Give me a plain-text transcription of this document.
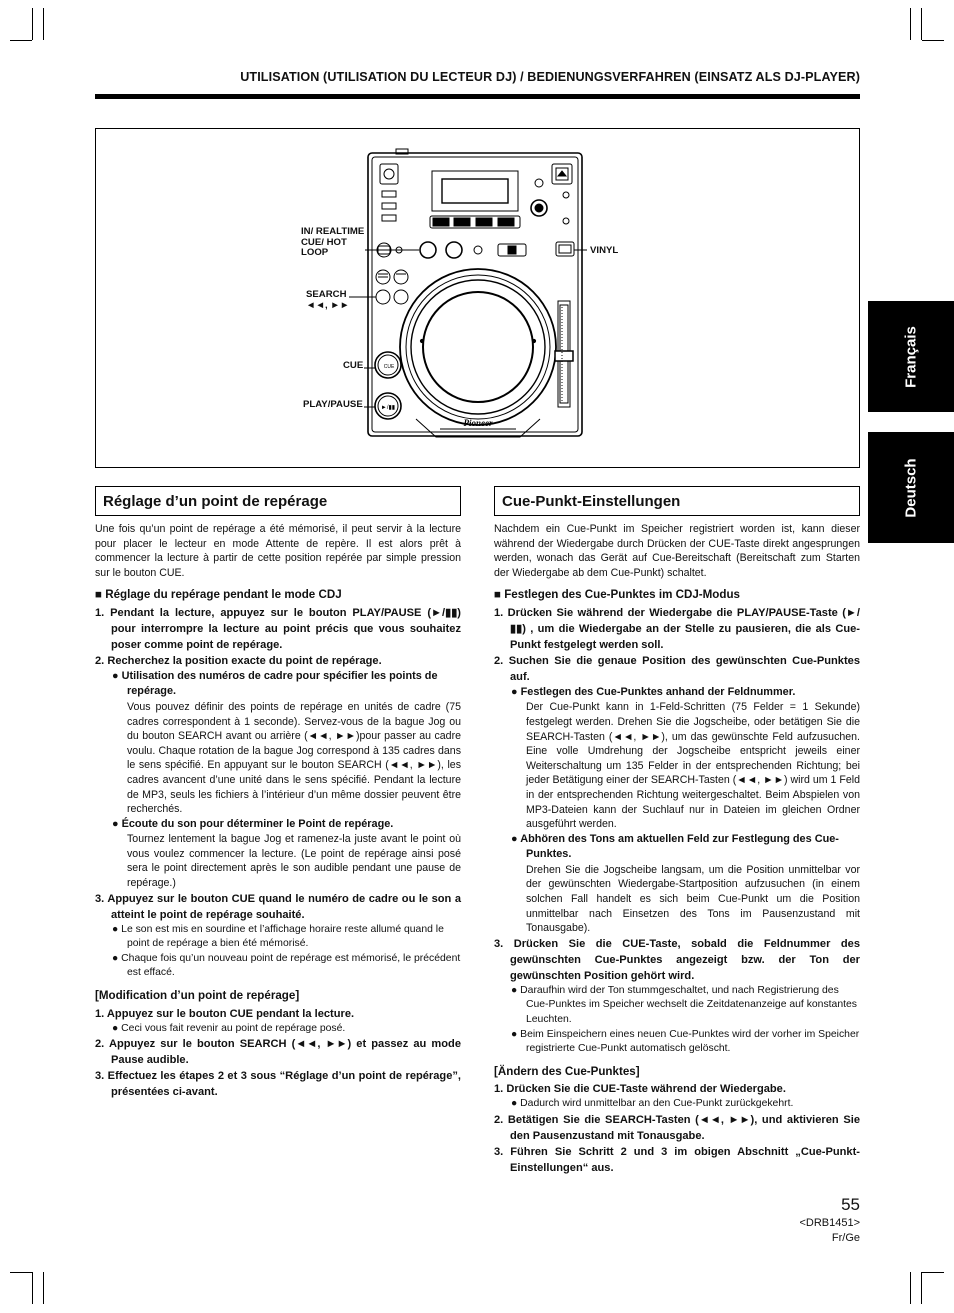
UTILISATION (UTILISATION DU LECTEUR DJ) / BEDIENUNGSVERFAHREN (EINSATZ ALS DJ-PLAYER)
Français
Deutsch
CUE
►/▮▮
Pioneer
IN/ REALTIME CUE/ HOT LOOP
SEARCH ◄◄, ►►
CUE
PLAY/PAUSE
VINYL
Réglage d’un point de repérage

Une fois qu’un point de repérage a été mémorisé, il peut servir à la lecture pour placer le lecteur en mode Attente de repère. Il est alors prêt à commencer la lecture à partir de cette position repérée par simple pression sur le bouton CUE.

■ Réglage du repérage pendant le mode CDJ

1. Pendant la lecture, appuyez sur le bouton PLAY/PAUSE (►/▮▮) pour interrompre la lecture au point précis que vous souhaitez poser comme point de repérage.

2. Recherchez la position exacte du point de repérage.

● Utilisation des numéros de cadre pour spécifier les points de repérage.

Vous pouvez définir des points de repérage en unités de cadre (75 cadres correspondent à 1 seconde). Servez-vous de la bague Jog ou du bouton SEARCH avant ou arrière (◄◄, ►►)pour passer au cadre voulu. Chaque rotation de la bague Jog correspond à 135 cadres dans le sens spécifié. En appuyant sur le bouton SEARCH (◄◄, ►►), les cadres avancent d’une unité dans le sens spécifié. Pendant la lecture de MP3, seuls les fichiers à l’intérieur d’un même dossier peuvent être recherchés.

● Écoute du son pour déterminer le Point de repérage.

Tournez lentement la bague Jog et ramenez-la juste avant le point où vous voulez commencer la lecture. (Le point de repérage ainsi posé sera le point directement après le son audible pendant une pause de repérage.)

3. Appuyez sur le bouton CUE quand le numéro de cadre ou le son a atteint le point de repérage souhaité.

● Le son est mis en sourdine et l’affichage horaire reste allumé quand le point de repérage a bien été mémorisé.

● Chaque fois qu’un nouveau point de repérage est mémorisé, le précédent est effacé.

[Modification d’un point de repérage]

1. Appuyez sur le bouton CUE pendant la lecture.

● Ceci vous fait revenir au point de repérage posé.

2. Appuyez sur le bouton SEARCH (◄◄, ►►) et passez au mode Pause audible.

3. Effectuez les étapes 2 et 3 sous “Réglage d’un point de repérage”, présentées ci-avant.

Cue-Punkt-Einstellungen

Nachdem ein Cue-Punkt im Speicher registriert worden ist, kann dieser während der Wiedergabe durch Drücken der CUE-Taste direkt angesprungen werden, wonach das Gerät auf Cue-Bereitschaft (Bereitschaft zum Starten der Wiedergabe ab dem Cue-Punkt) schaltet.

■ Festlegen des Cue-Punktes im CDJ-Modus

1. Drücken Sie während der Wiedergabe die PLAY/PAUSE-Taste (►/▮▮) , um die Wiedergabe an der Stelle zu pausieren, die als Cue-Punkt festgelegt werden soll.

2. Suchen Sie die genaue Position des gewünschten Cue-Punktes auf.

● Festlegen des Cue-Punktes anhand der Feldnummer.

Der Cue-Punkt kann in 1-Feld-Schritten (75 Felder = 1 Sekunde) festgelegt werden. Drehen Sie die Jogscheibe, oder betätigen Sie die SEARCH-Tasten (◄◄, ►►), um das gewünschte Feld aufzusuchen. Eine volle Umdrehung der Jogscheibe entspricht jeweils einer Weiterschaltung um 135 Felder in der entsprechenden Richtung; bei jeder Betätigung einer der SEARCH-Tasten (◄◄, ►►) wird um 1 Feld in der entsprechenden Richtung weitergeschaltet. Beim Abspielen von MP3-Dateien kann der Suchlauf nur in Dateien im gleichen Ordner ausgeführt werden.

● Abhören des Tons am aktuellen Feld zur Festlegung des Cue-Punktes.

Drehen Sie die Jogscheibe langsam, um die Position unmittelbar vor der gewünschten Wiedergabe-Startposition aufzusuchen (in einem solchen Fall handelt es sich beim Cue-Punkt um die Position unmittelbar nach Einsetzen des Tons im Pausenzustand mit Tonausgabe).

3. Drücken Sie die CUE-Taste, sobald die Feldnummer des gewünschten Cue-Punktes angezeigt bzw. der Ton der gewünschten Position gehört wird.

● Daraufhin wird der Ton stummgeschaltet, und nach Registrierung des Cue-Punktes im Speicher wechselt die Zeitdatenanzeige auf konstantes Leuchten.

● Beim Einspeichern eines neuen Cue-Punktes wird der vorher im Speicher registrierte Cue-Punkt automatisch gelöscht.

[Ändern des Cue-Punktes]

1. Drücken Sie die CUE-Taste während der Wiedergabe.

● Dadurch wird unmittelbar an den Cue-Punkt zurückgekehrt.

2. Betätigen Sie die SEARCH-Tasten (◄◄, ►►), und aktivieren Sie den Pausenzustand mit Tonausgabe.

3. Führen Sie Schritt 2 und 3 im obigen Abschnitt „Cue-Punkt-Einstellungen“ aus.

55
<DRB1451>
Fr/Ge
